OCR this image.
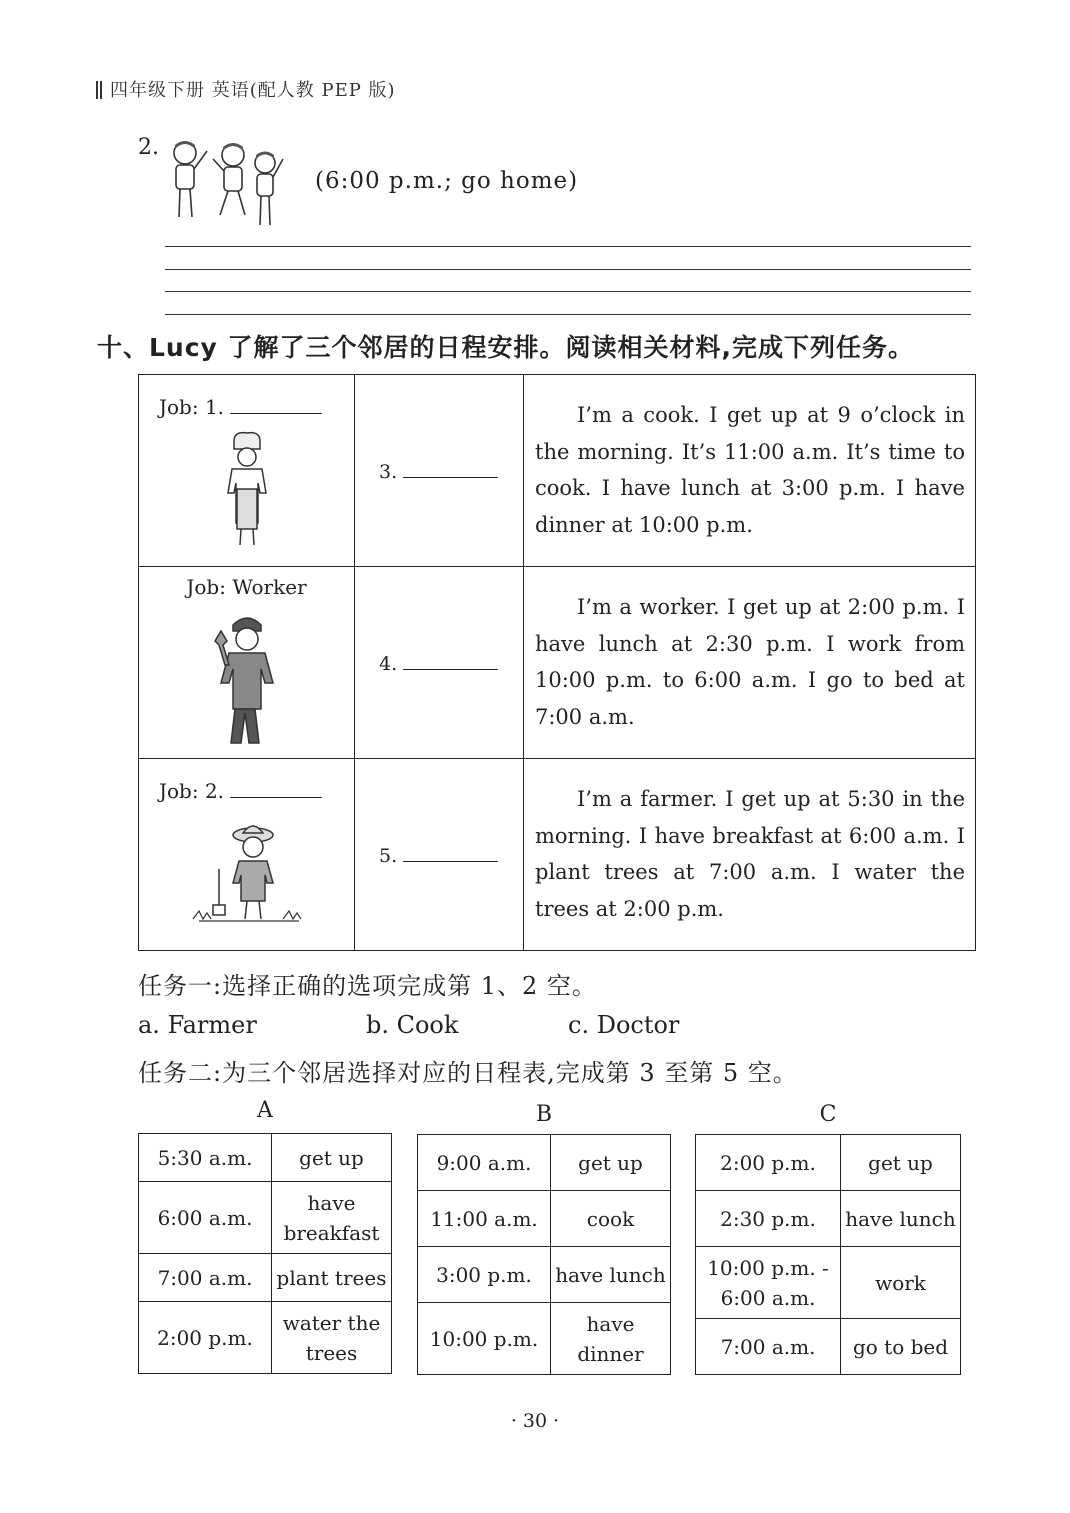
四年级下册 英语(配人教 PEP 版)
2.
(6:00 p.m.; go home)
十、Lucy 了解了三个邻居的日程安排。阅读相关材料,完成下列任务。
Job: 1.	3.	I’m a cook. I get up at 9 o’clock in the morning. It’s 11:00 a.m. It’s time to cook. I have lunch at 3:00 p.m. I have dinner at 10:00 p.m.

Job: Worker	4.	I’m a worker. I get up at 2:00 p.m. I have lunch at 2:30 p.m. I work from 10:00 p.m. to 6:00 a.m. I go to bed at 7:00 a.m.

Job: 2.	5.	I’m a farmer. I get up at 5:30 in the morning. I have breakfast at 6:00 a.m. I plant trees at 7:00 a.m. I water the trees at 2:00 p.m.

任务一:选择正确的选项完成第 1、2 空。
a. Farmer	b. Cook	c. Doctor
任务二:为三个邻居选择对应的日程表,完成第 3 至第 5 空。
A
5:30 a.m.	get up
6:00 a.m.	have breakfast
7:00 a.m.	plant trees
2:00 p.m.	water the trees
B
9:00 a.m.	get up
11:00 a.m.	cook
3:00 p.m.	have lunch
10:00 p.m.	have dinner
C
2:00 p.m.	get up
2:30 p.m.	have lunch
10:00 p.m. - 6:00 a.m.	work
7:00 a.m.	go to bed
· 30 ·
